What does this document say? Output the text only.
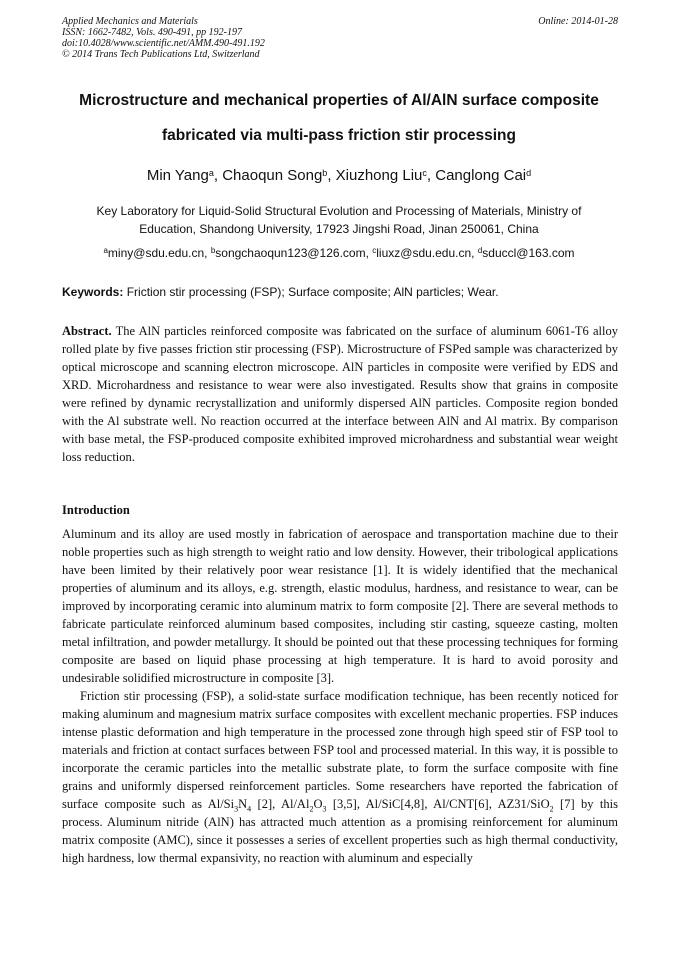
Applied Mechanics and Materials
ISSN: 1662-7482, Vols. 490-491, pp 192-197
doi:10.4028/www.scientific.net/AMM.490-491.192
© 2014 Trans Tech Publications Ltd, Switzerland
Online: 2014-01-28
Microstructure and mechanical properties of Al/AlN surface composite
fabricated via multi-pass friction stir processing
Min Yang$^a$, Chaoqun Song$^b$, Xiuzhong Liu$^c$, Canglong Cai$^d$
Key Laboratory for Liquid-Solid Structural Evolution and Processing of Materials, Ministry of Education, Shandong University, 17923 Jingshi Road, Jinan 250061, China
$^a$miny@sdu.edu.cn, $^b$songchaoqun123@126.com, $^c$liuxz@sdu.edu.cn, $^d$sduccl@163.com
Keywords: Friction stir processing (FSP); Surface composite; AlN particles; Wear.
Abstract. The AlN particles reinforced composite was fabricated on the surface of aluminum 6061-T6 alloy rolled plate by five passes friction stir processing (FSP). Microstructure of FSPed sample was characterized by optical microscope and scanning electron microscope. AlN particles in composite were verified by EDS and XRD. Microhardness and resistance to wear were also investigated. Results show that grains in composite were refined by dynamic recrystallization and uniformly dispersed AlN particles. Composite region bonded with the Al substrate well. No reaction occurred at the interface between AlN and Al matrix. By comparison with base metal, the FSP-produced composite exhibited improved microhardness and substantial wear weight loss reduction.
Introduction

Aluminum and its alloy are used mostly in fabrication of aerospace and transportation machine due to their noble properties such as high strength to weight ratio and low density. However, their tribological applications have been limited by their relatively poor wear resistance [1]. It is widely identified that the mechanical properties of aluminum and its alloys, e.g. strength, elastic modulus, hardness, and resistance to wear, can be improved by incorporating ceramic into aluminum matrix to form composite [2]. There are several methods to fabricate particulate reinforced aluminum based composites, including stir casting, squeeze casting, molten metal infiltration, and powder metallurgy. It should be pointed out that these processing techniques for forming composite are based on liquid phase processing at high temperature. It is hard to avoid porosity and undesirable solidified microstructure in composite [3].

Friction stir processing (FSP), a solid-state surface modification technique, has been recently noticed for making aluminum and magnesium matrix surface composites with excellent mechanic properties. FSP induces intense plastic deformation and high temperature in the processed zone through high speed stir of FSP tool to materials and friction at contact surfaces between FSP tool and processed material. In this way, it is possible to incorporate the ceramic particles into the metallic substrate plate, to form the surface composite with fine grains and uniformly dispersed reinforcement particles. Some researchers have reported the fabrication of surface composite such as $Al/Si_3N_4$ [2], $Al/Al_2O_3$ [3,5], Al/SiC[4,8], Al/CNT[6], AZ31/SiO$_2$ [7] by this process. Aluminum nitride (AlN) has attracted much attention as a promising reinforcement for aluminum matrix composite (AMC), since it possesses a series of excellent properties such as high thermal conductivity, high hardness, low thermal expansivity, no reaction with aluminum and especially
